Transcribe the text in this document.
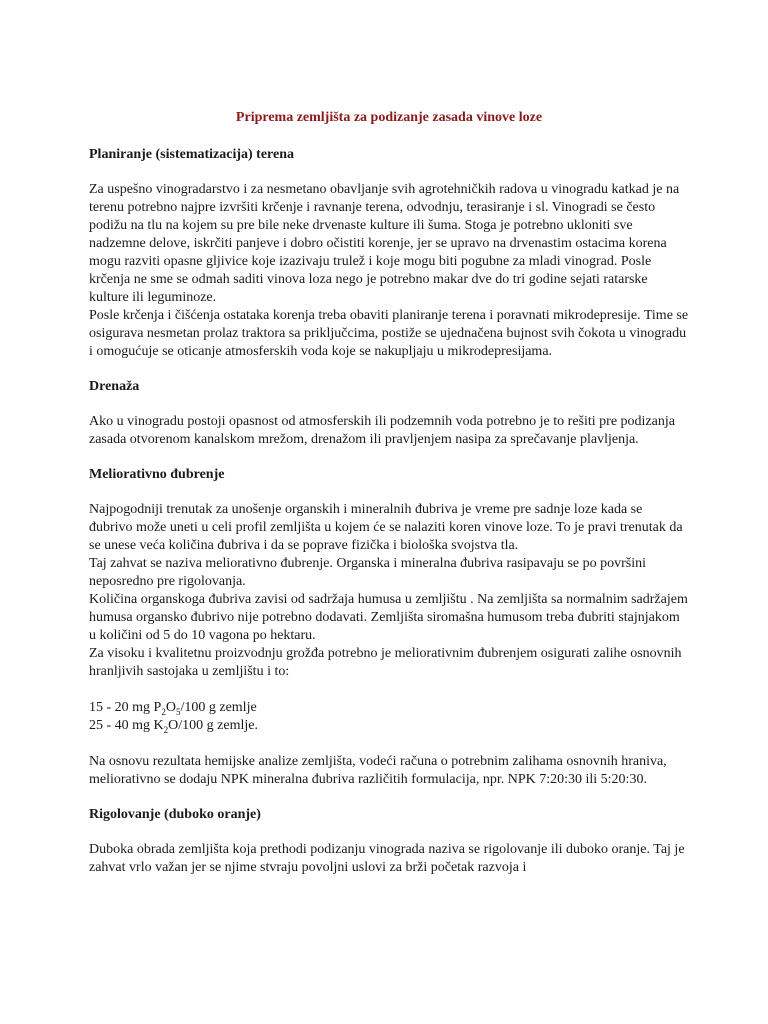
Priprema zemljišta za podizanje zasada vinove loze

Planiranje (sistematizacija) terena

Za uspešno vinogradarstvo i za nesmetano obavljanje svih agrotehničkih radova u vinogradu katkad je na terenu potrebno najpre izvršiti krčenje i ravnanje terena, odvodnju, terasiranje i sl. Vinogradi se često podižu na tlu na kojem su pre bile neke drvenaste kulture ili šuma. Stoga je potrebno ukloniti sve nadzemne delove, iskrčiti panjeve i dobro očistiti korenje, jer se upravo na drvenastim ostacima korena mogu razviti opasne gljivice koje izazivaju trulež i koje mogu biti pogubne za mladi vinograd. Posle krčenja ne sme se odmah saditi vinova loza nego je potrebno makar dve do tri godine sejati ratarske kulture ili leguminoze.

Posle krčenja i čišćenja ostataka korenja treba obaviti planiranje terena i poravnati mikrodepresije. Time se osigurava nesmetan prolaz traktora sa priključcima, postiže se ujednačena bujnost svih čokota u vinogradu i omogućuje se oticanje atmosferskih voda koje se nakupljaju u mikrodepresijama.

Drenaža

Ako u vinogradu postoji opasnost od atmosferskih ili podzemnih voda potrebno je to rešiti pre podizanja zasada otvorenom kanalskom mrežom, drenažom ili pravljenjem nasipa za sprečavanje plavljenja.

Meliorativno đubrenje

Najpogodniji trenutak za unošenje organskih i mineralnih đubriva je vreme pre sadnje loze kada se đubrivo može uneti u celi profil zemljišta u kojem će se nalaziti koren vinove loze. To je pravi trenutak da se unese veća količina đubriva i da se poprave fizička i biološka svojstva tla.

Taj zahvat se naziva meliorativno đubrenje. Organska i mineralna đubriva rasipavaju se po površini neposredno pre rigolovanja.

Količina organskoga đubriva zavisi od sadržaja humusa u zemljištu . Na zemljišta sa normalnim sadržajem humusa organsko đubrivo nije potrebno dodavati. Zemljišta siromašna humusom treba đubriti stajnjakom u količini od 5 do 10 vagona po hektaru.

Za visoku i kvalitetnu proizvodnju grožđa potrebno je meliorativnim đubrenjem osigurati zalihe osnovnih hranljivih sastojaka u zemljištu i to:

15 - 20 mg $P_2O_5/100$ g zemlje

25 - 40 mg $K_2O/100$ g zemlje.

Na osnovu rezultata hemijske analize zemljišta, vodeći računa o potrebnim zalihama osnovnih hraniva, meliorativno se dodaju NPK mineralna đubriva različitih formulacija, npr. NPK 7:20:30 ili 5:20:30.

Rigolovanje (duboko oranje)

Duboka obrada zemljišta koja prethodi podizanju vinograda naziva se rigolovanje ili duboko oranje. Taj je zahvat vrlo važan jer se njime stvraju povoljni uslovi za brži početak razvoja i
